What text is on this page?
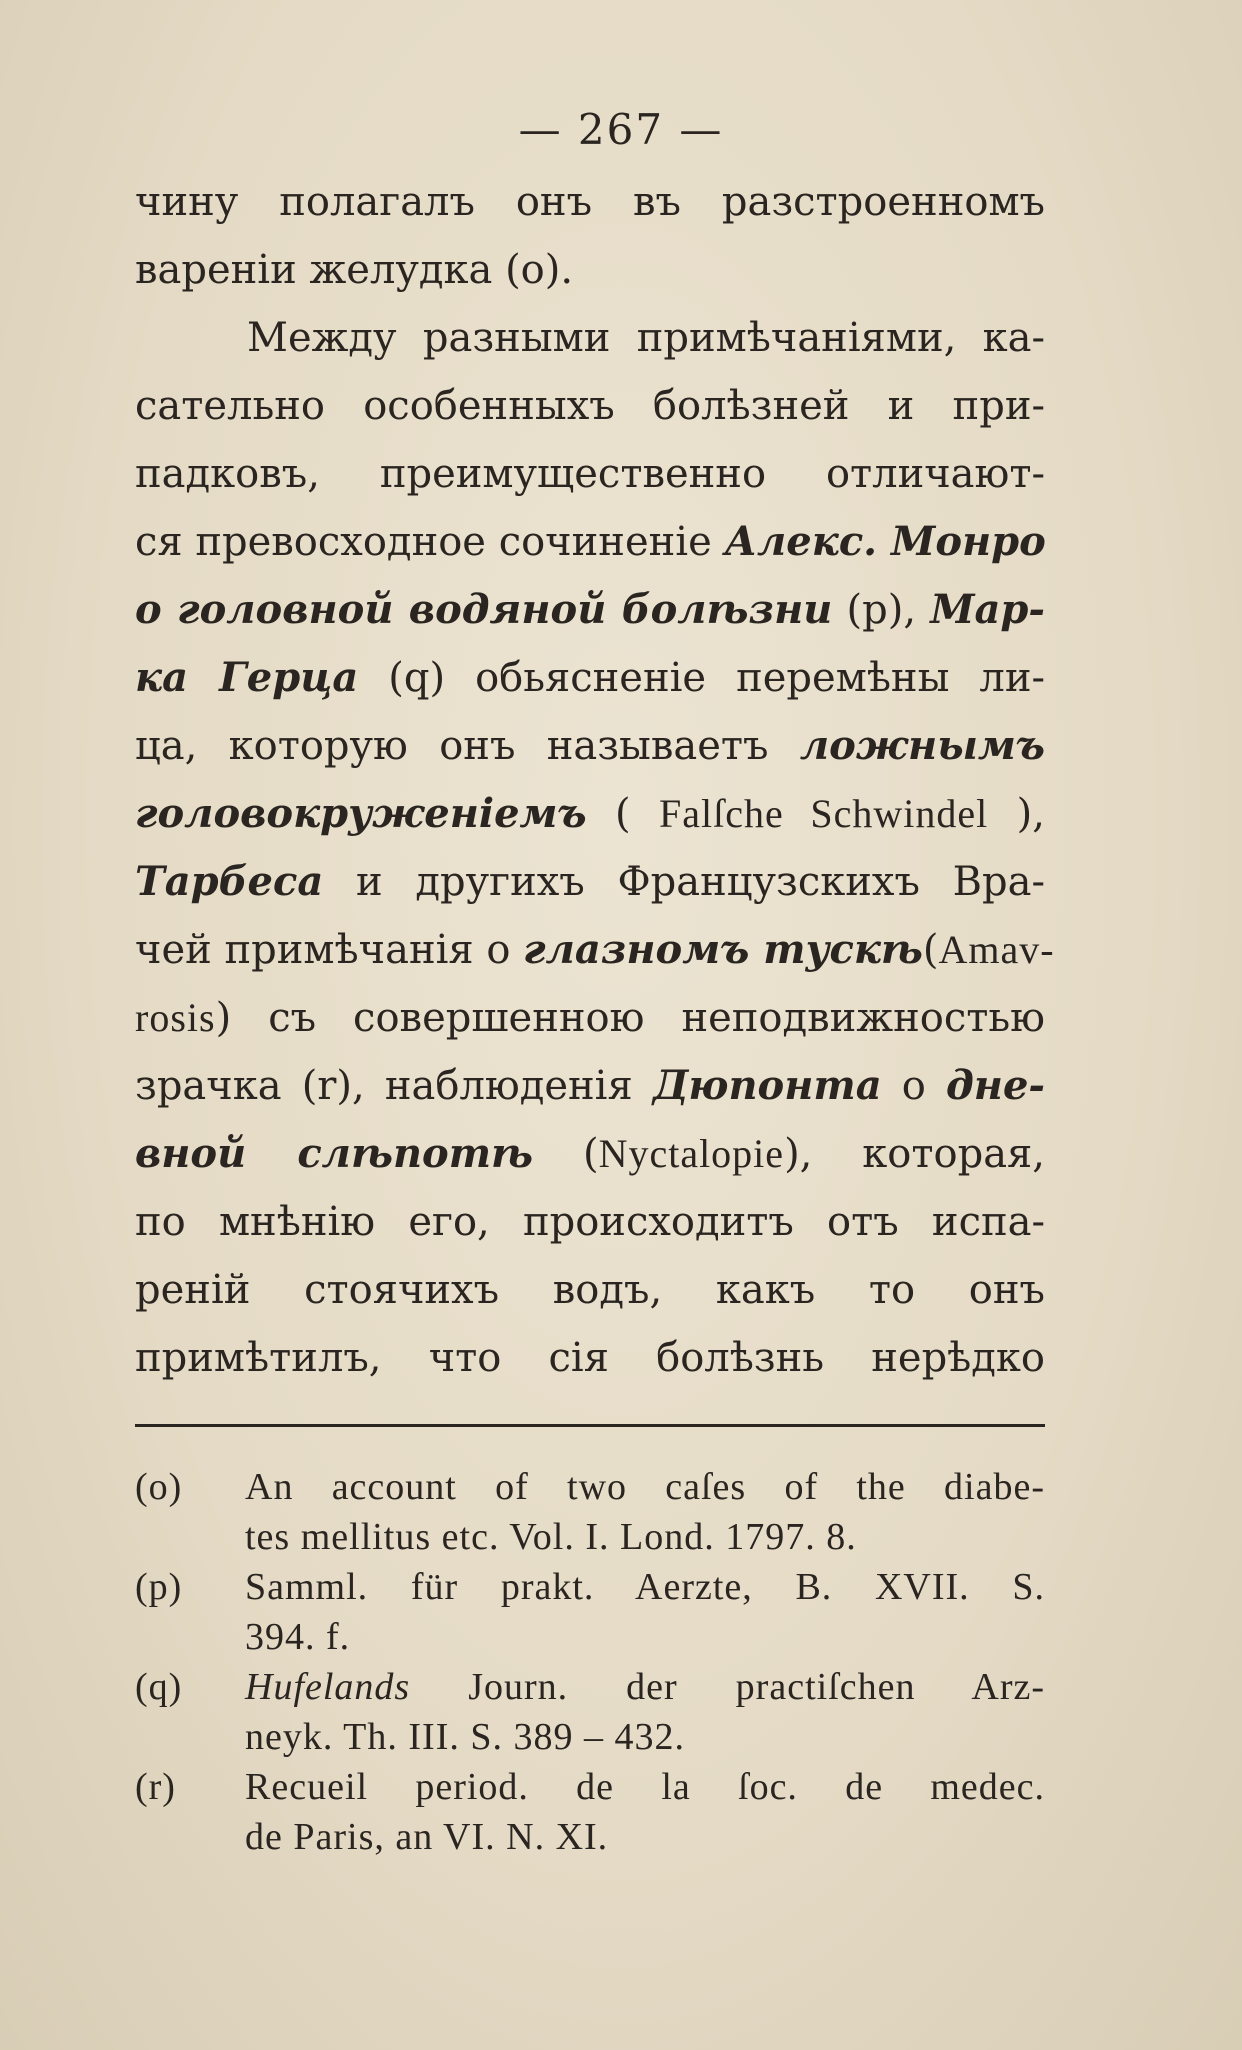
— 267 —
чину полагалъ онъ въ разстроенномъ
вареніи желудка (о).
Между разными примѣчаніями, ка-
сательно особенныхъ болѣзней и при-
падковъ, преимущественно отличают-
ся превосходное сочиненіе Алекс. Монро
о головной водяной болѣзни (р), Мар-
ка Герца (q) обьясненіе перемѣны ли-
ца, которую онъ называетъ ложнымъ
головокруженіемъ ( Falſche Schwindel ),
Тарбеса и другихъ Французскихъ Вра-
чей примѣчанія о глазномъ тускѣ(Amav-
rosis) съ совершенною неподвижностью
зрачка (r), наблюденія Дюпонта о дне-
вной слѣпотѣ (Nyctalopie), которая,
по мнѣнію его, происходитъ отъ испа-
реній стоячихъ водъ, какъ то онъ
примѣтилъ, что сія болѣзнь нерѣдко
(o) An account of two caſes of the diabe-
tes mellitus etc. Vol. I. Lond. 1797. 8.
(p) Samml. für prakt. Aerzte, B. XVII. S.
394. f.
(q) Hufelands Journ. der practiſchen Arz-
neyk. Th. III. S. 389 – 432.
(r) Recueil period. de la ſoc. de medec.
de Paris, an VI. N. XI.
